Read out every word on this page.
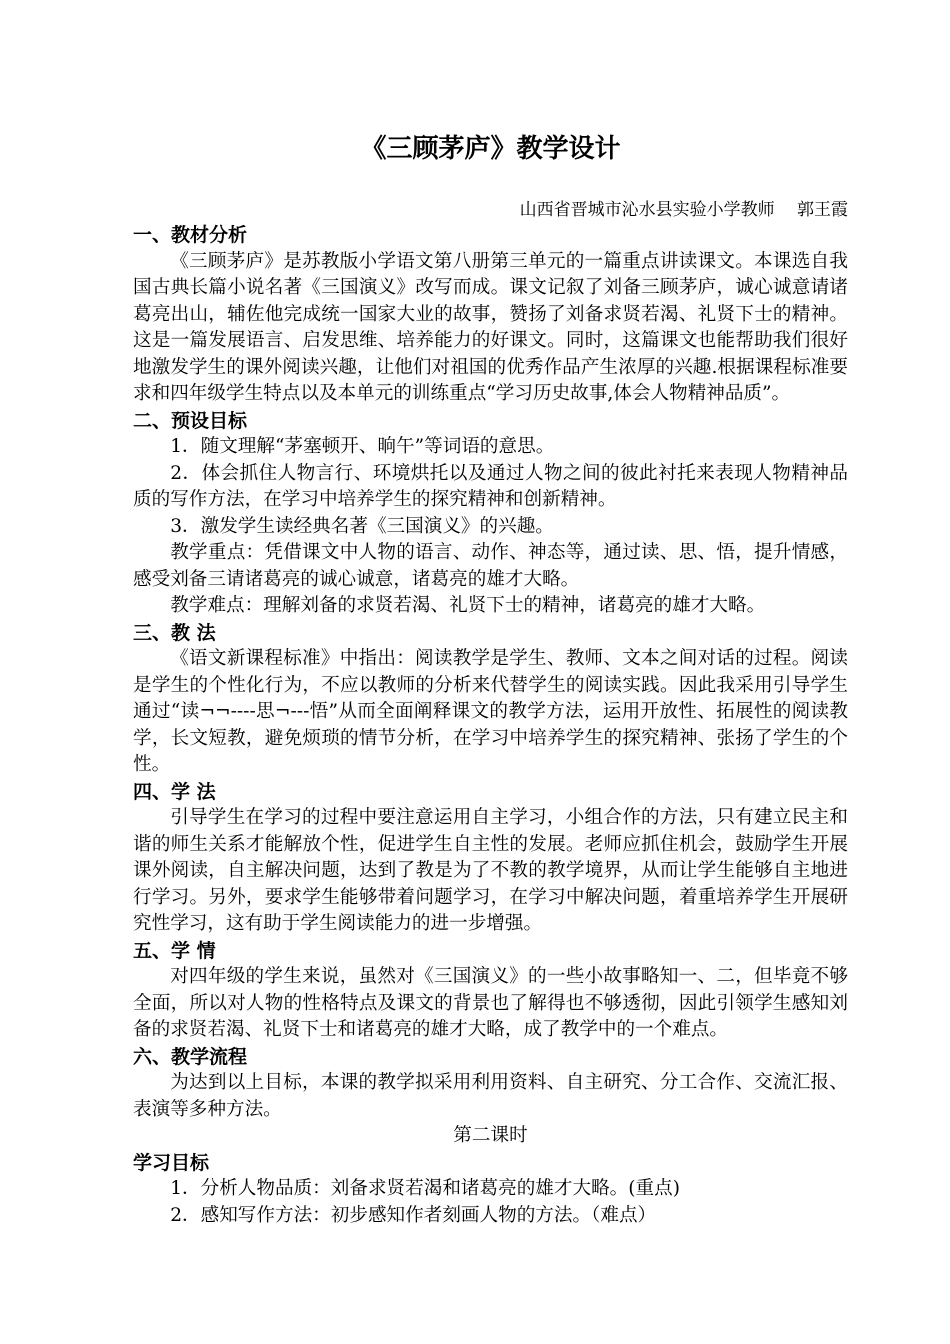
《三顾茅庐》教学设计
山西省晋城市沁水县实验小学教师　 郭王霞

一、教材分析

《三顾茅庐》是苏教版小学语文第八册第三单元的一篇重点讲读课文。本课选自我国古典长篇小说名著《三国演义》改写而成。课文记叙了刘备三顾茅庐，诚心诚意请诸葛亮出山，辅佐他完成统一国家大业的故事，赞扬了刘备求贤若渴、礼贤下士的精神。这是一篇发展语言、启发思维、培养能力的好课文。同时，这篇课文也能帮助我们很好地激发学生的课外阅读兴趣，让他们对祖国的优秀作品产生浓厚的兴趣.根据课程标准要求和四年级学生特点以及本单元的训练重点“学习历史故事,体会人物精神品质”。

二、预设目标

1．随文理解“茅塞顿开、晌午”等词语的意思。

2．体会抓住人物言行、环境烘托以及通过人物之间的彼此衬托来表现人物精神品质的写作方法，在学习中培养学生的探究精神和创新精神。

3．激发学生读经典名著《三国演义》的兴趣。

教学重点：凭借课文中人物的语言、动作、神态等，通过读、思、悟，提升情感，感受刘备三请诸葛亮的诚心诚意，诸葛亮的雄才大略。

教学难点：理解刘备的求贤若渴、礼贤下士的精神，诸葛亮的雄才大略。

三、教 法

《语文新课程标准》中指出：阅读教学是学生、教师、文本之间对话的过程。阅读是学生的个性化行为，不应以教师的分析来代替学生的阅读实践。因此我采用引导学生通过“读¬¬----思¬---悟”从而全面阐释课文的教学方法，运用开放性、拓展性的阅读教学，长文短教，避免烦琐的情节分析，在学习中培养学生的探究精神、张扬了学生的个性。

四、学 法

引导学生在学习的过程中要注意运用自主学习，小组合作的方法，只有建立民主和谐的师生关系才能解放个性，促进学生自主性的发展。老师应抓住机会，鼓励学生开展课外阅读，自主解决问题，达到了教是为了不教的教学境界，从而让学生能够自主地进行学习。另外，要求学生能够带着问题学习，在学习中解决问题，着重培养学生开展研究性学习，这有助于学生阅读能力的进一步增强。

五、学 情

对四年级的学生来说，虽然对《三国演义》的一些小故事略知一、二，但毕竟不够全面，所以对人物的性格特点及课文的背景也了解得也不够透彻，因此引领学生感知刘备的求贤若渴、礼贤下士和诸葛亮的雄才大略，成了教学中的一个难点。

六、教学流程

为达到以上目标，本课的教学拟采用利用资料、自主研究、分工合作、交流汇报、表演等多种方法。

第二课时

学习目标

1．分析人物品质：刘备求贤若渴和诸葛亮的雄才大略。(重点)

2．感知写作方法：初步感知作者刻画人物的方法。（难点）
